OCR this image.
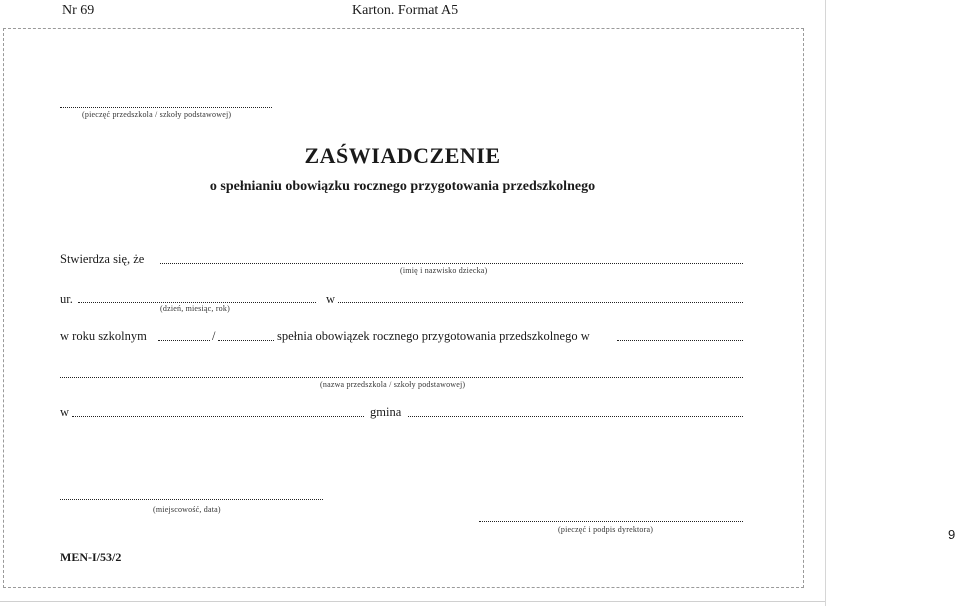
Nr 69	Karton. Format A5
(pieczęć przedszkola / szkoły podstawowej)
ZAŚWIADCZENIE
o spełnianiu obowiązku rocznego przygotowania przedszkolnego
Stwierdza się, że
(imię i nazwisko dziecka)
ur.	w
(dzień, miesiąc, rok)
w roku szkolnym	/	spełnia obowiązek rocznego przygotowania przedszkolnego w
(nazwa przedszkola / szkoły podstawowej)
w	gmina
(miejscowość, data)
(pieczęć i podpis dyrektora)
MEN-I/53/2
9
